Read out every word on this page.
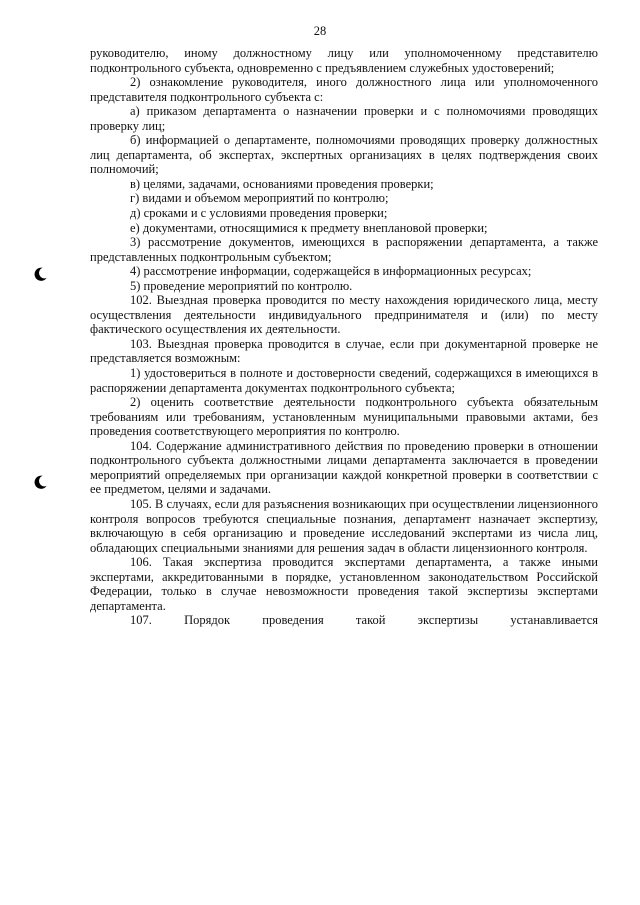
28

руководителю, иному должностному лицу или уполномоченному представителю подконтрольного субъекта, одновременно с предъявлением служебных удостоверений;

2) ознакомление руководителя, иного должностного лица или уполномоченного представителя подконтрольного субъекта с:

а) приказом департамента о назначении проверки и с полномочиями проводящих проверку лиц;

б) информацией о департаменте, полномочиями проводящих проверку должностных лиц департамента, об экспертах, экспертных организациях в целях подтверждения своих полномочий;

в) целями, задачами, основаниями проведения проверки;

г) видами и объемом мероприятий по контролю;

д) сроками и с условиями проведения проверки;

е) документами, относящимися к предмету внеплановой проверки;

3) рассмотрение документов, имеющихся в распоряжении департамента, а также представленных подконтрольным субъектом;

4) рассмотрение информации, содержащейся в информационных ресурсах;

5) проведение мероприятий по контролю.

102. Выездная проверка проводится по месту нахождения юридического лица, месту осуществления деятельности индивидуального предпринимателя и (или) по месту фактического осуществления их деятельности.

103. Выездная проверка проводится в случае, если при документарной проверке не представляется возможным:

1) удостовериться в полноте и достоверности сведений, содержащихся в имеющихся в распоряжении департамента документах подконтрольного субъекта;

2) оценить соответствие деятельности подконтрольного субъекта обязательным требованиям или требованиям, установленным муниципальными правовыми актами, без проведения соответствующего мероприятия по контролю.

104. Содержание административного действия по проведению проверки в отношении подконтрольного субъекта должностными лицами департамента заключается в проведении мероприятий определяемых при организации каждой конкретной проверки в соответствии с ее предметом, целями и задачами.

105. В случаях, если для разъяснения возникающих при осуществлении лицензионного контроля вопросов требуются специальные познания, департамент назначает экспертизу, включающую в себя организацию и проведение исследований экспертами из числа лиц, обладающих специальными знаниями для решения задач в области лицензионного контроля.

106. Такая экспертиза проводится экспертами департамента, а также иными экспертами, аккредитованными в порядке, установленном законодательством Российской Федерации, только в случае невозможности проведения такой экспертизы экспертами департамента.

107. Порядок проведения такой экспертизы устанавливается
